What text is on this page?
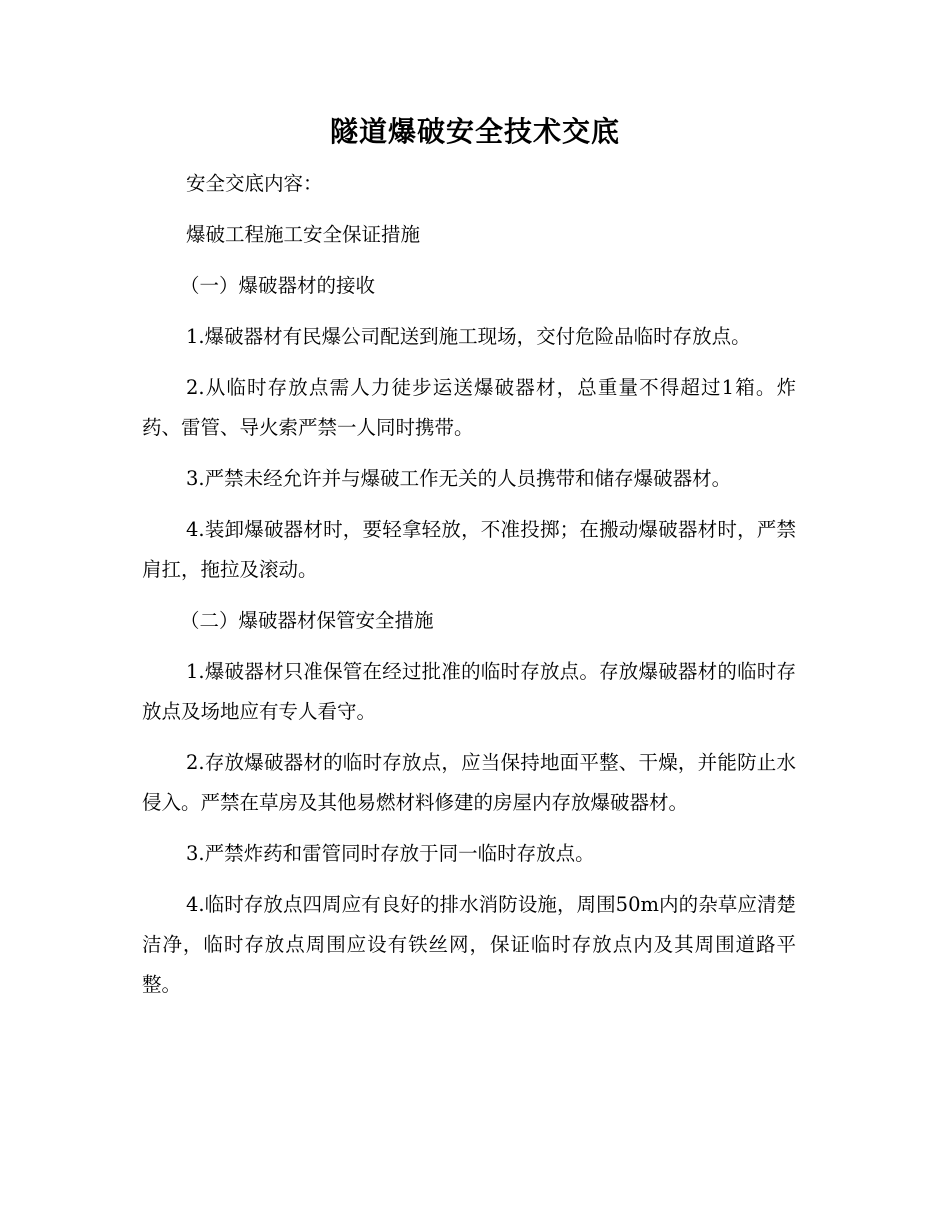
隧道爆破安全技术交底

安全交底内容：

爆破工程施工安全保证措施

（一）爆破器材的接收

1.爆破器材有民爆公司配送到施工现场，交付危险品临时存放点。

2.从临时存放点需人力徒步运送爆破器材，总重量不得超过1箱。炸药、雷管、导火索严禁一人同时携带。

3.严禁未经允许并与爆破工作无关的人员携带和储存爆破器材。

4.装卸爆破器材时，要轻拿轻放，不准投掷；在搬动爆破器材时，严禁肩扛，拖拉及滚动。

（二）爆破器材保管安全措施

1.爆破器材只准保管在经过批准的临时存放点。存放爆破器材的临时存放点及场地应有专人看守。

2.存放爆破器材的临时存放点，应当保持地面平整、干燥，并能防止水侵入。严禁在草房及其他易燃材料修建的房屋内存放爆破器材。

3.严禁炸药和雷管同时存放于同一临时存放点。

4.临时存放点四周应有良好的排水消防设施，周围50m内的杂草应清楚洁净，临时存放点周围应设有铁丝网，保证临时存放点内及其周围道路平整。
